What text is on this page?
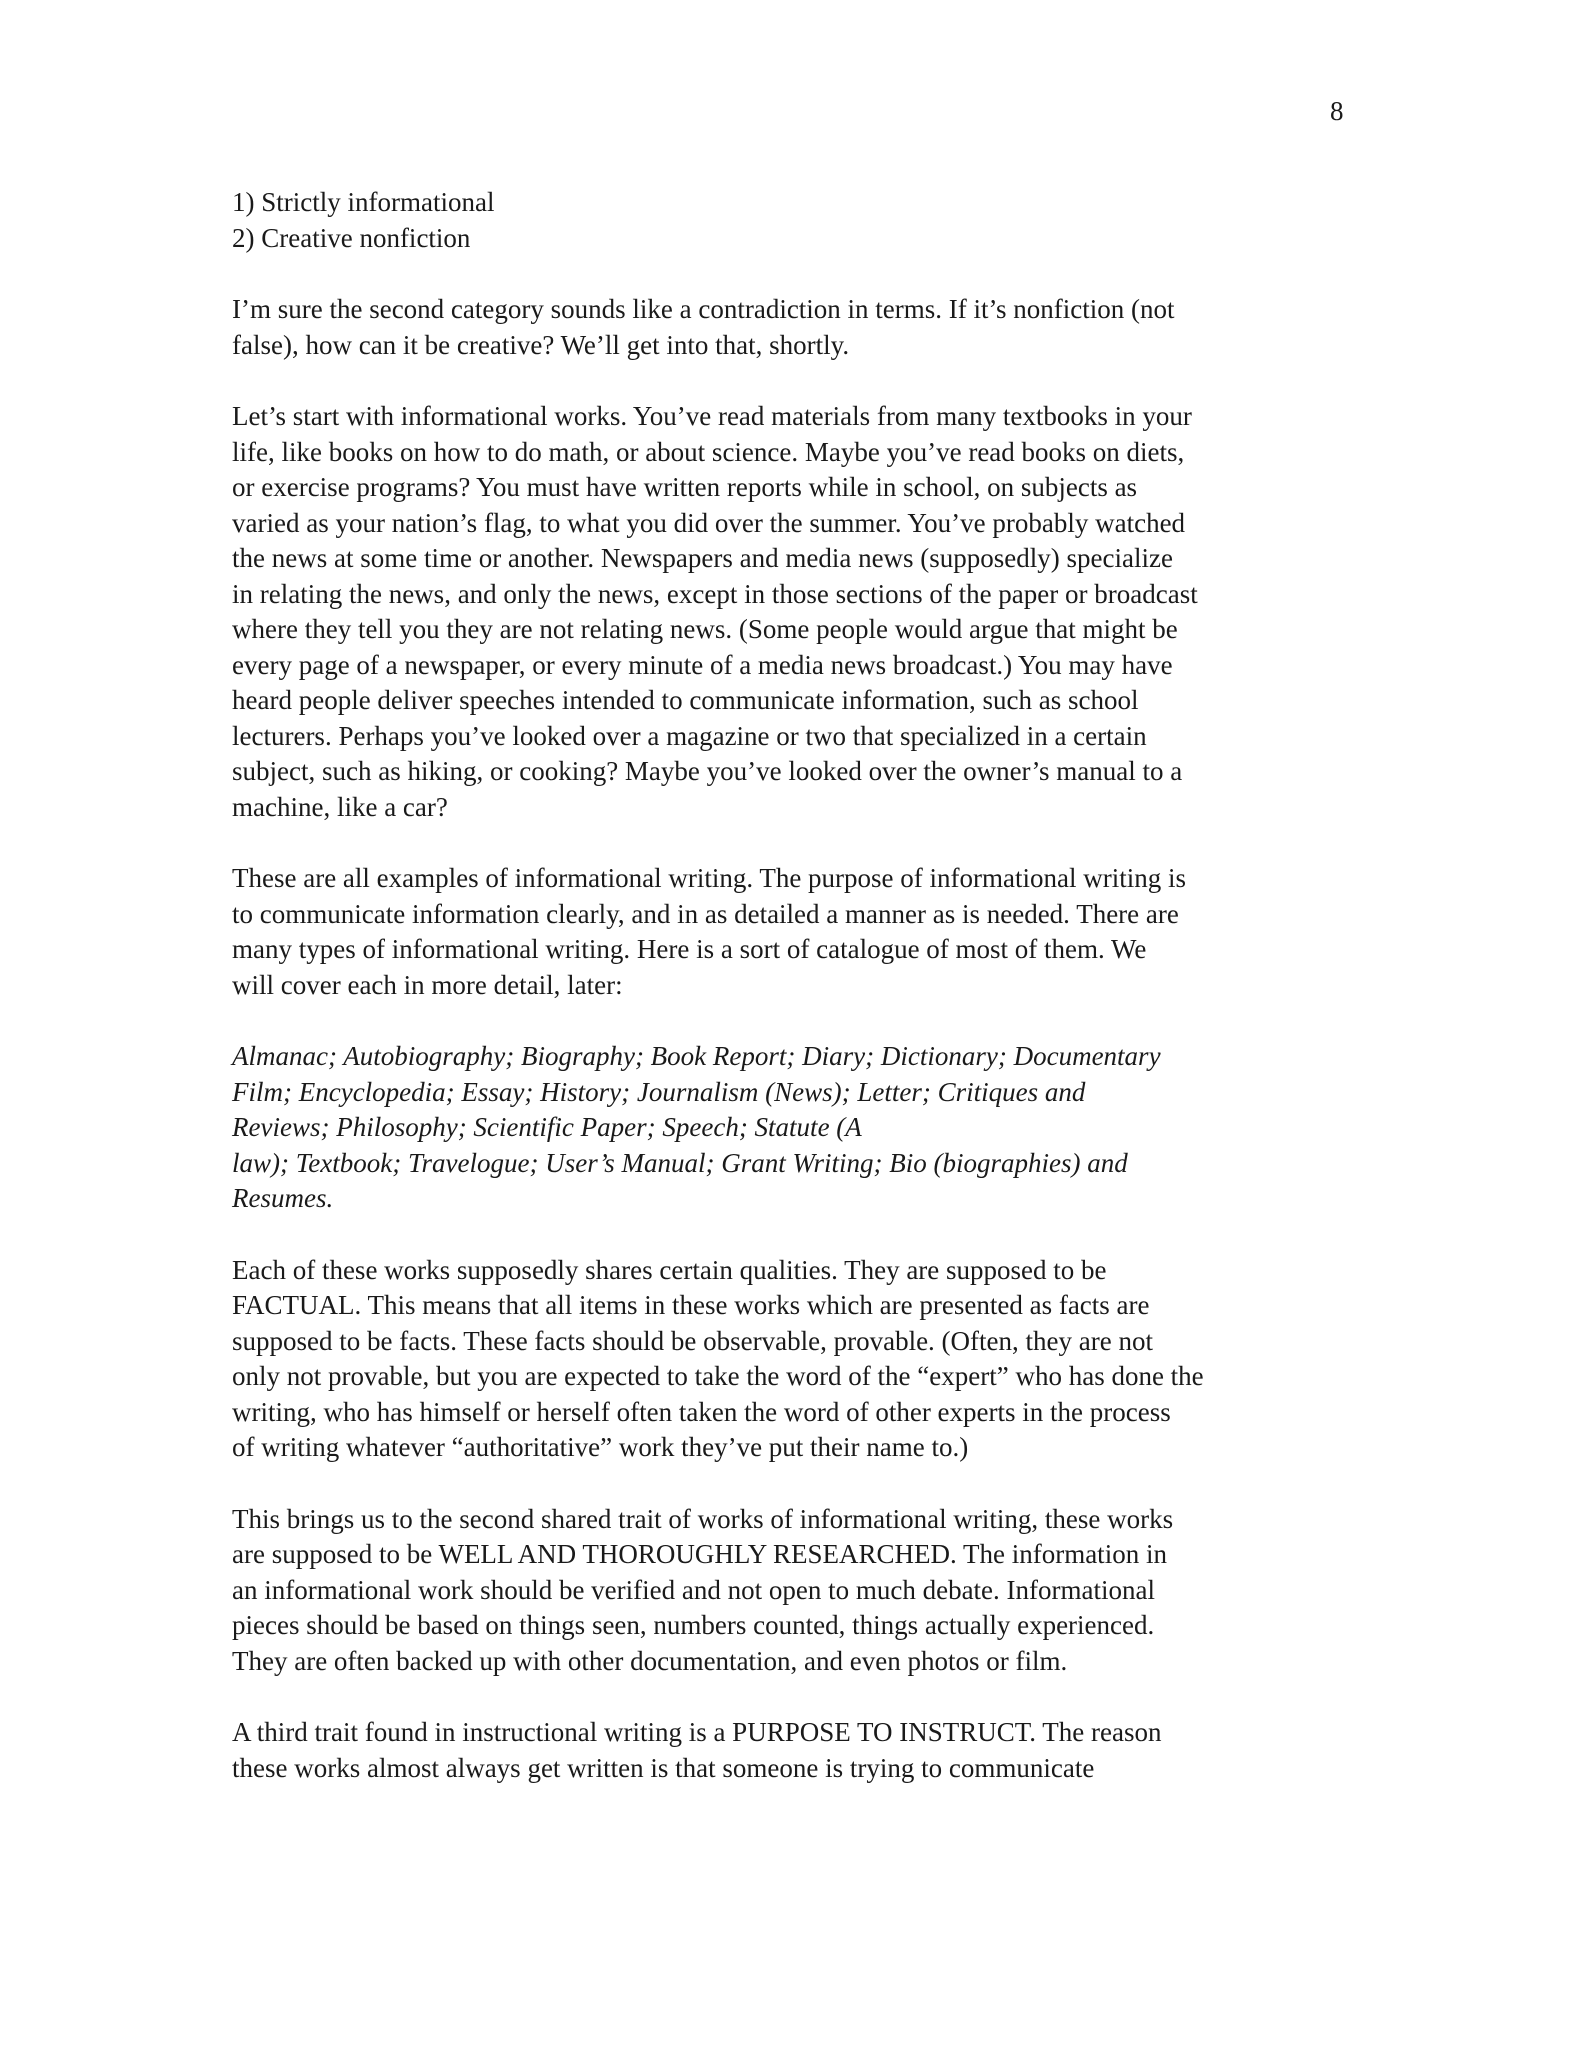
8

1) Strictly informational
2) Creative nonfiction

I’m sure the second category sounds like a contradiction in terms. If it’s nonfiction (not
false), how can it be creative? We’ll get into that, shortly.

Let’s start with informational works. You’ve read materials from many textbooks in your
life, like books on how to do math, or about science. Maybe you’ve read books on diets,
or exercise programs? You must have written reports while in school, on subjects as
varied as your nation’s flag, to what you did over the summer. You’ve probably watched
the news at some time or another. Newspapers and media news (supposedly) specialize
in relating the news, and only the news, except in those sections of the paper or broadcast
where they tell you they are not relating news. (Some people would argue that might be
every page of a newspaper, or every minute of a media news broadcast.) You may have
heard people deliver speeches intended to communicate information, such as school
lecturers. Perhaps you’ve looked over a magazine or two that specialized in a certain
subject, such as hiking, or cooking? Maybe you’ve looked over the owner’s manual to a
machine, like a car?

These are all examples of informational writing. The purpose of informational writing is
to communicate information clearly, and in as detailed a manner as is needed. There are
many types of informational writing. Here is a sort of catalogue of most of them. We
will cover each in more detail, later:

Almanac; Autobiography; Biography; Book Report; Diary; Dictionary; Documentary
Film; Encyclopedia; Essay; History; Journalism (News); Letter; Critiques and
Reviews; Philosophy; Scientific Paper; Speech; Statute (A
law); Textbook; Travelogue; User’s Manual; Grant Writing; Bio (biographies) and
Resumes.

Each of these works supposedly shares certain qualities. They are supposed to be
FACTUAL. This means that all items in these works which are presented as facts are
supposed to be facts. These facts should be observable, provable. (Often, they are not
only not provable, but you are expected to take the word of the “expert” who has done the
writing, who has himself or herself often taken the word of other experts in the process
of writing whatever “authoritative” work they’ve put their name to.)

This brings us to the second shared trait of works of informational writing, these works
are supposed to be WELL AND THOROUGHLY RESEARCHED. The information in
an informational work should be verified and not open to much debate. Informational
pieces should be based on things seen, numbers counted, things actually experienced.
They are often backed up with other documentation, and even photos or film.

A third trait found in instructional writing is a PURPOSE TO INSTRUCT. The reason
these works almost always get written is that someone is trying to communicate
